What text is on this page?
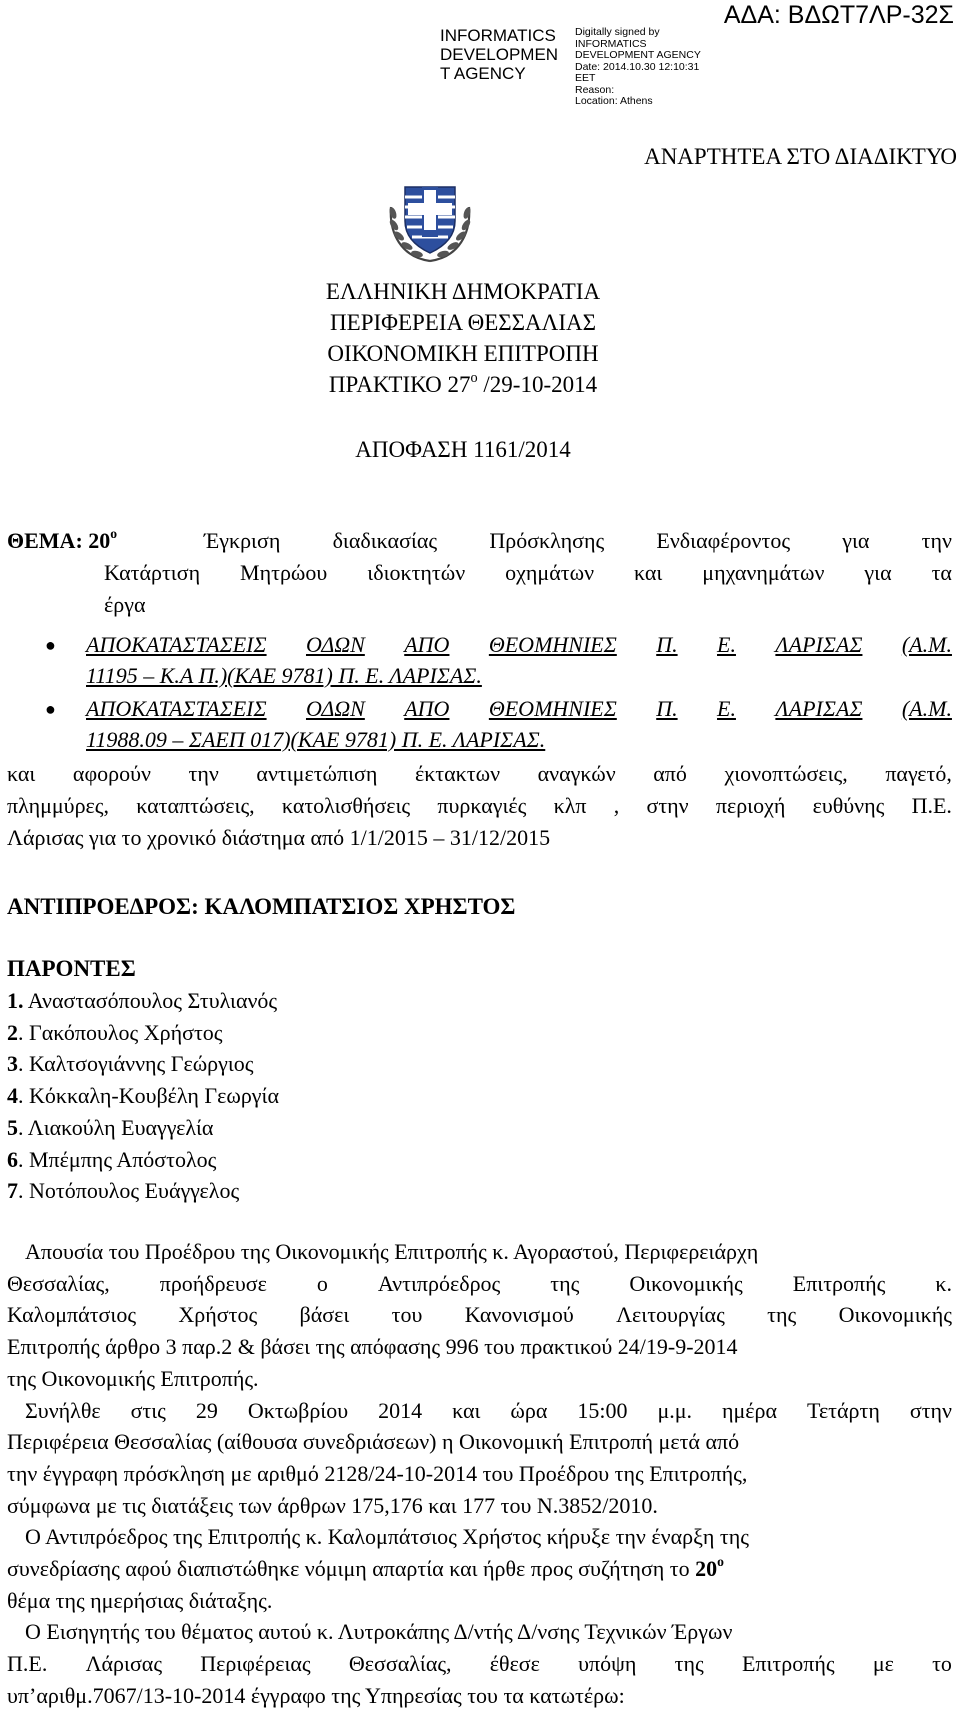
INFORMATICS
DEVELOPMEN
T AGENCY
Digitally signed by
INFORMATICS
DEVELOPMENT AGENCY
Date: 2014.10.30 12:10:31
EET
Reason:
Location: Athens
ΑΔΑ: ΒΔΩΤ7ΛΡ-32Σ
ΑΝΑΡΤΗΤΕΑ ΣΤΟ ΔΙΑΔΙΚΤΥΟ
ΕΛΛΗΝΙΚΗ ΔΗΜΟΚΡΑΤΙΑ
ΠΕΡΙΦΕΡΕΙΑ ΘΕΣΣΑΛΙΑΣ
ΟΙΚΟΝΟΜΙΚΗ ΕΠΙΤΡΟΠΗ
ΠΡΑΚΤΙΚΟ $27^o$ /29-10-2014
ΑΠΟΦΑΣΗ 1161/2014
ΘΕΜΑ: $20^o$	Έγκριση διαδικασίας Πρόσκλησης Ενδιαφέροντος για την
Κατάρτιση Μητρώου ιδιοκτητών οχημάτων και μηχανημάτων για τα
έργα
● ΑΠΟΚΑΤΑΣΤΑΣΕΙΣ ΟΔΩΝ ΑΠΟ ΘΕΟΜΗΝΙΕΣ Π. Ε. ΛΑΡΙΣΑΣ (Α.Μ.
11195 – Κ.Α Π.)(ΚΑΕ 9781) Π. Ε. ΛΑΡΙΣΑΣ.
● ΑΠΟΚΑΤΑΣΤΑΣΕΙΣ ΟΔΩΝ ΑΠΟ ΘΕΟΜΗΝΙΕΣ Π. Ε. ΛΑΡΙΣΑΣ (Α.Μ.
11988.09 – ΣΑΕΠ 017)(ΚΑΕ 9781) Π. Ε. ΛΑΡΙΣΑΣ.
και αφορούν την αντιμετώπιση έκτακτων αναγκών από χιονοπτώσεις, παγετό,
πλημμύρες, καταπτώσεις, κατολισθήσεις πυρκαγιές κλπ , στην περιοχή ευθύνης Π.Ε.
Λάρισας για το χρονικό διάστημα από 1/1/2015 – 31/12/2015
ΑΝΤΙΠΡΟΕΔΡΟΣ: ΚΑΛΟΜΠΑΤΣΙΟΣ ΧΡΗΣΤΟΣ
ΠΑΡΟΝΤΕΣ
1. Αναστασόπουλος Στυλιανός
2. Γακόπουλος Χρήστος
3. Καλτσογιάννης Γεώργιος
4. Κόκκαλη-Κουβέλη Γεωργία
5. Λιακούλη Ευαγγελία
6. Μπέμπης Απόστολος
7. Νοτόπουλος Ευάγγελος
Απουσία του Προέδρου της Οικονομικής Επιτροπής κ. Αγοραστού, Περιφερειάρχη
Θεσσαλίας, προήδρευσε ο Αντιπρόεδρος της Οικονομικής Επιτροπής κ.
Καλομπάτσιος Χρήστος βάσει του Κανονισμού Λειτουργίας της Οικονομικής
Επιτροπής άρθρο 3 παρ.2 & βάσει της απόφασης 996 του πρακτικού 24/19-9-2014
της Οικονομικής Επιτροπής.
Συνήλθε στις 29 Οκτωβρίου 2014 και ώρα 15:00 μ.μ. ημέρα Τετάρτη στην
Περιφέρεια Θεσσαλίας (αίθουσα συνεδριάσεων) η Οικονομική Επιτροπή μετά από
την έγγραφη πρόσκληση με αριθμό 2128/24-10-2014 του Προέδρου της Επιτροπής,
σύμφωνα με τις διατάξεις των άρθρων 175,176 και 177 του Ν.3852/2010.
Ο Αντιπρόεδρος της Επιτροπής κ. Καλομπάτσιος Χρήστος κήρυξε την έναρξη της
συνεδρίασης αφού διαπιστώθηκε νόμιμη απαρτία και ήρθε προς συζήτηση το $20^o$
θέμα της ημερήσιας διάταξης.
Ο Εισηγητής του θέματος αυτού κ. Λυτροκάπης Δ/ντής Δ/νσης Τεχνικών Έργων
Π.Ε. Λάρισας Περιφέρειας Θεσσαλίας, έθεσε υπόψη της Επιτροπής με το
υπ’αριθμ.7067/13-10-2014 έγγραφο της Υπηρεσίας του τα κατωτέρω:
